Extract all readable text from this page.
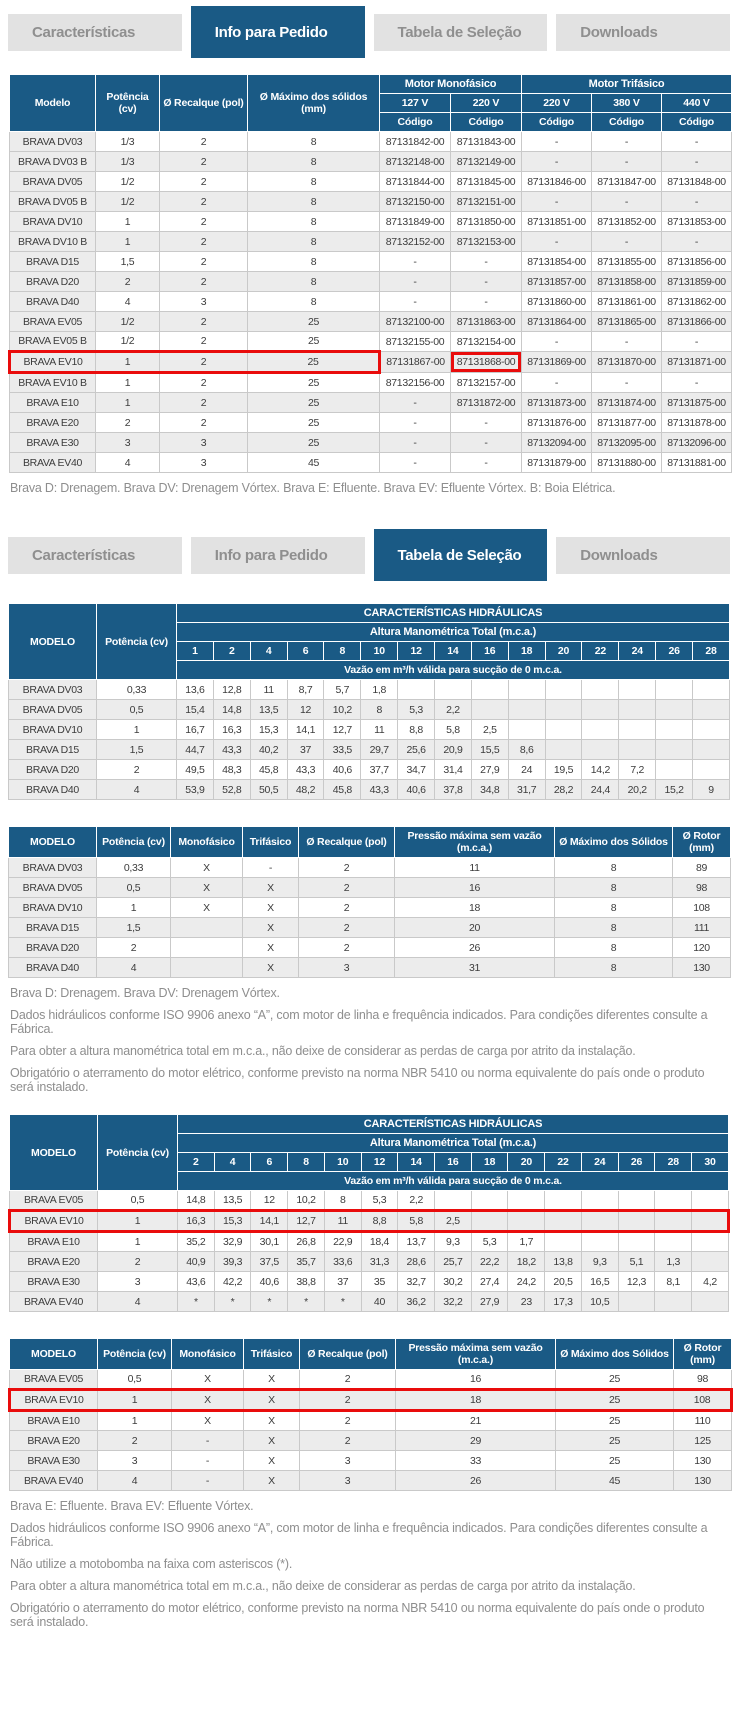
Características	Info para Pedido	Tabela de Seleção	Downloads
Modelo	Potência (cv)	Ø Recalque (pol)	Ø Máximo dos sólidos (mm)	Motor Monofásico		Motor Trifásico		
				127 V	220 V	220 V	380 V	440 V
				Código	Código	Código	Código	Código
BRAVA DV03	1/3	2	8	87131842-00	87131843-00	-	-	-
BRAVA DV03 B	1/3	2	8	87132148-00	87132149-00	-	-	-
BRAVA DV05	1/2	2	8	87131844-00	87131845-00	87131846-00	87131847-00	87131848-00
BRAVA DV05 B	1/2	2	8	87132150-00	87132151-00	-	-	-
BRAVA DV10	1	2	8	87131849-00	87131850-00	87131851-00	87131852-00	87131853-00
BRAVA DV10 B	1	2	8	87132152-00	87132153-00	-	-	-
BRAVA D15	1,5	2	8	-	-	87131854-00	87131855-00	87131856-00
BRAVA D20	2	2	8	-	-	87131857-00	87131858-00	87131859-00
BRAVA D40	4	3	8	-	-	87131860-00	87131861-00	87131862-00
BRAVA EV05	1/2	2	25	87132100-00	87131863-00	87131864-00	87131865-00	87131866-00
BRAVA EV05 B	1/2	2	25	87132155-00	87132154-00	-	-	-
BRAVA EV10	1	2	25	87131867-00	87131868-00	87131869-00	87131870-00	87131871-00
BRAVA EV10 B	1	2	25	87132156-00	87132157-00	-	-	-
BRAVA E10	1	2	25	-	87131872-00	87131873-00	87131874-00	87131875-00
BRAVA E20	2	2	25	-	-	87131876-00	87131877-00	87131878-00
BRAVA E30	3	3	25	-	-	87132094-00	87132095-00	87132096-00
BRAVA EV40	4	3	45	-	-	87131879-00	87131880-00	87131881-00
Brava D: Drenagem. Brava DV: Drenagem Vórtex. Brava E: Efluente. Brava EV: Efluente Vórtex. B: Boia Elétrica.
Características	Info para Pedido	Tabela de Seleção	Downloads
MODELO	Potência (cv)	CARACTERÍSTICAS HIDRÁULICAS														
		Altura Manométrica Total (m.c.a.)														
		1	2	4	6	8	10	12	14	16	18	20	22	24	26	28
		Vazão em m³/h válida para sucção de 0 m.c.a.														
BRAVA DV03	0,33	13,6	12,8	11	8,7	5,7	1,8									
BRAVA DV05	0,5	15,4	14,8	13,5	12	10,2	8	5,3	2,2							
BRAVA DV10	1	16,7	16,3	15,3	14,1	12,7	11	8,8	5,8	2,5						
BRAVA D15	1,5	44,7	43,3	40,2	37	33,5	29,7	25,6	20,9	15,5	8,6					
BRAVA D20	2	49,5	48,3	45,8	43,3	40,6	37,7	34,7	31,4	27,9	24	19,5	14,2	7,2		
BRAVA D40	4	53,9	52,8	50,5	48,2	45,8	43,3	40,6	37,8	34,8	31,7	28,2	24,4	20,2	15,2	9
MODELO	Potência (cv)	Monofásico	Trifásico	Ø Recalque (pol)	Pressão máxima sem vazão (m.c.a.)	Ø Máximo dos Sólidos	Ø Rotor (mm)
BRAVA DV03	0,33	X	-	2	11	8	89
BRAVA DV05	0,5	X	X	2	16	8	98
BRAVA DV10	1	X	X	2	18	8	108
BRAVA D15	1,5		X	2	20	8	111
BRAVA D20	2		X	2	26	8	120
BRAVA D40	4		X	3	31	8	130
Brava D: Drenagem. Brava DV: Drenagem Vórtex.
Dados hidráulicos conforme ISO 9906 anexo “A”, com motor de linha e frequência indicados. Para condições diferentes consulte a Fábrica.
Para obter a altura manométrica total em m.c.a., não deixe de considerar as perdas de carga por atrito da instalação.
Obrigatório o aterramento do motor elétrico, conforme previsto na norma NBR 5410 ou norma equivalente do país onde o produto será instalado.
MODELO	Potência (cv)	CARACTERÍSTICAS HIDRÁULICAS														
		Altura Manométrica Total (m.c.a.)														
		2	4	6	8	10	12	14	16	18	20	22	24	26	28	30
		Vazão em m³/h válida para sucção de 0 m.c.a.														
BRAVA EV05	0,5	14,8	13,5	12	10,2	8	5,3	2,2								
BRAVA EV10	1	16,3	15,3	14,1	12,7	11	8,8	5,8	2,5							
BRAVA E10	1	35,2	32,9	30,1	26,8	22,9	18,4	13,7	9,3	5,3	1,7					
BRAVA E20	2	40,9	39,3	37,5	35,7	33,6	31,3	28,6	25,7	22,2	18,2	13,8	9,3	5,1	1,3	
BRAVA E30	3	43,6	42,2	40,6	38,8	37	35	32,7	30,2	27,4	24,2	20,5	16,5	12,3	8,1	4,2
BRAVA EV40	4	*	*	*	*	*	40	36,2	32,2	27,9	23	17,3	10,5			
MODELO	Potência (cv)	Monofásico	Trifásico	Ø Recalque (pol)	Pressão máxima sem vazão (m.c.a.)	Ø Máximo dos Sólidos	Ø Rotor (mm)
BRAVA EV05	0,5	X	X	2	16	25	98
BRAVA EV10	1	X	X	2	18	25	108
BRAVA E10	1	X	X	2	21	25	110
BRAVA E20	2	-	X	2	29	25	125
BRAVA E30	3	-	X	3	33	25	130
BRAVA EV40	4	-	X	3	26	45	130
Brava E: Efluente. Brava EV: Efluente Vórtex.
Dados hidráulicos conforme ISO 9906 anexo “A”, com motor de linha e frequência indicados. Para condições diferentes consulte a Fábrica.
Não utilize a motobomba na faixa com asteriscos (*).
Para obter a altura manométrica total em m.c.a., não deixe de considerar as perdas de carga por atrito da instalação.
Obrigatório o aterramento do motor elétrico, conforme previsto na norma NBR 5410 ou norma equivalente do país onde o produto será instalado.
